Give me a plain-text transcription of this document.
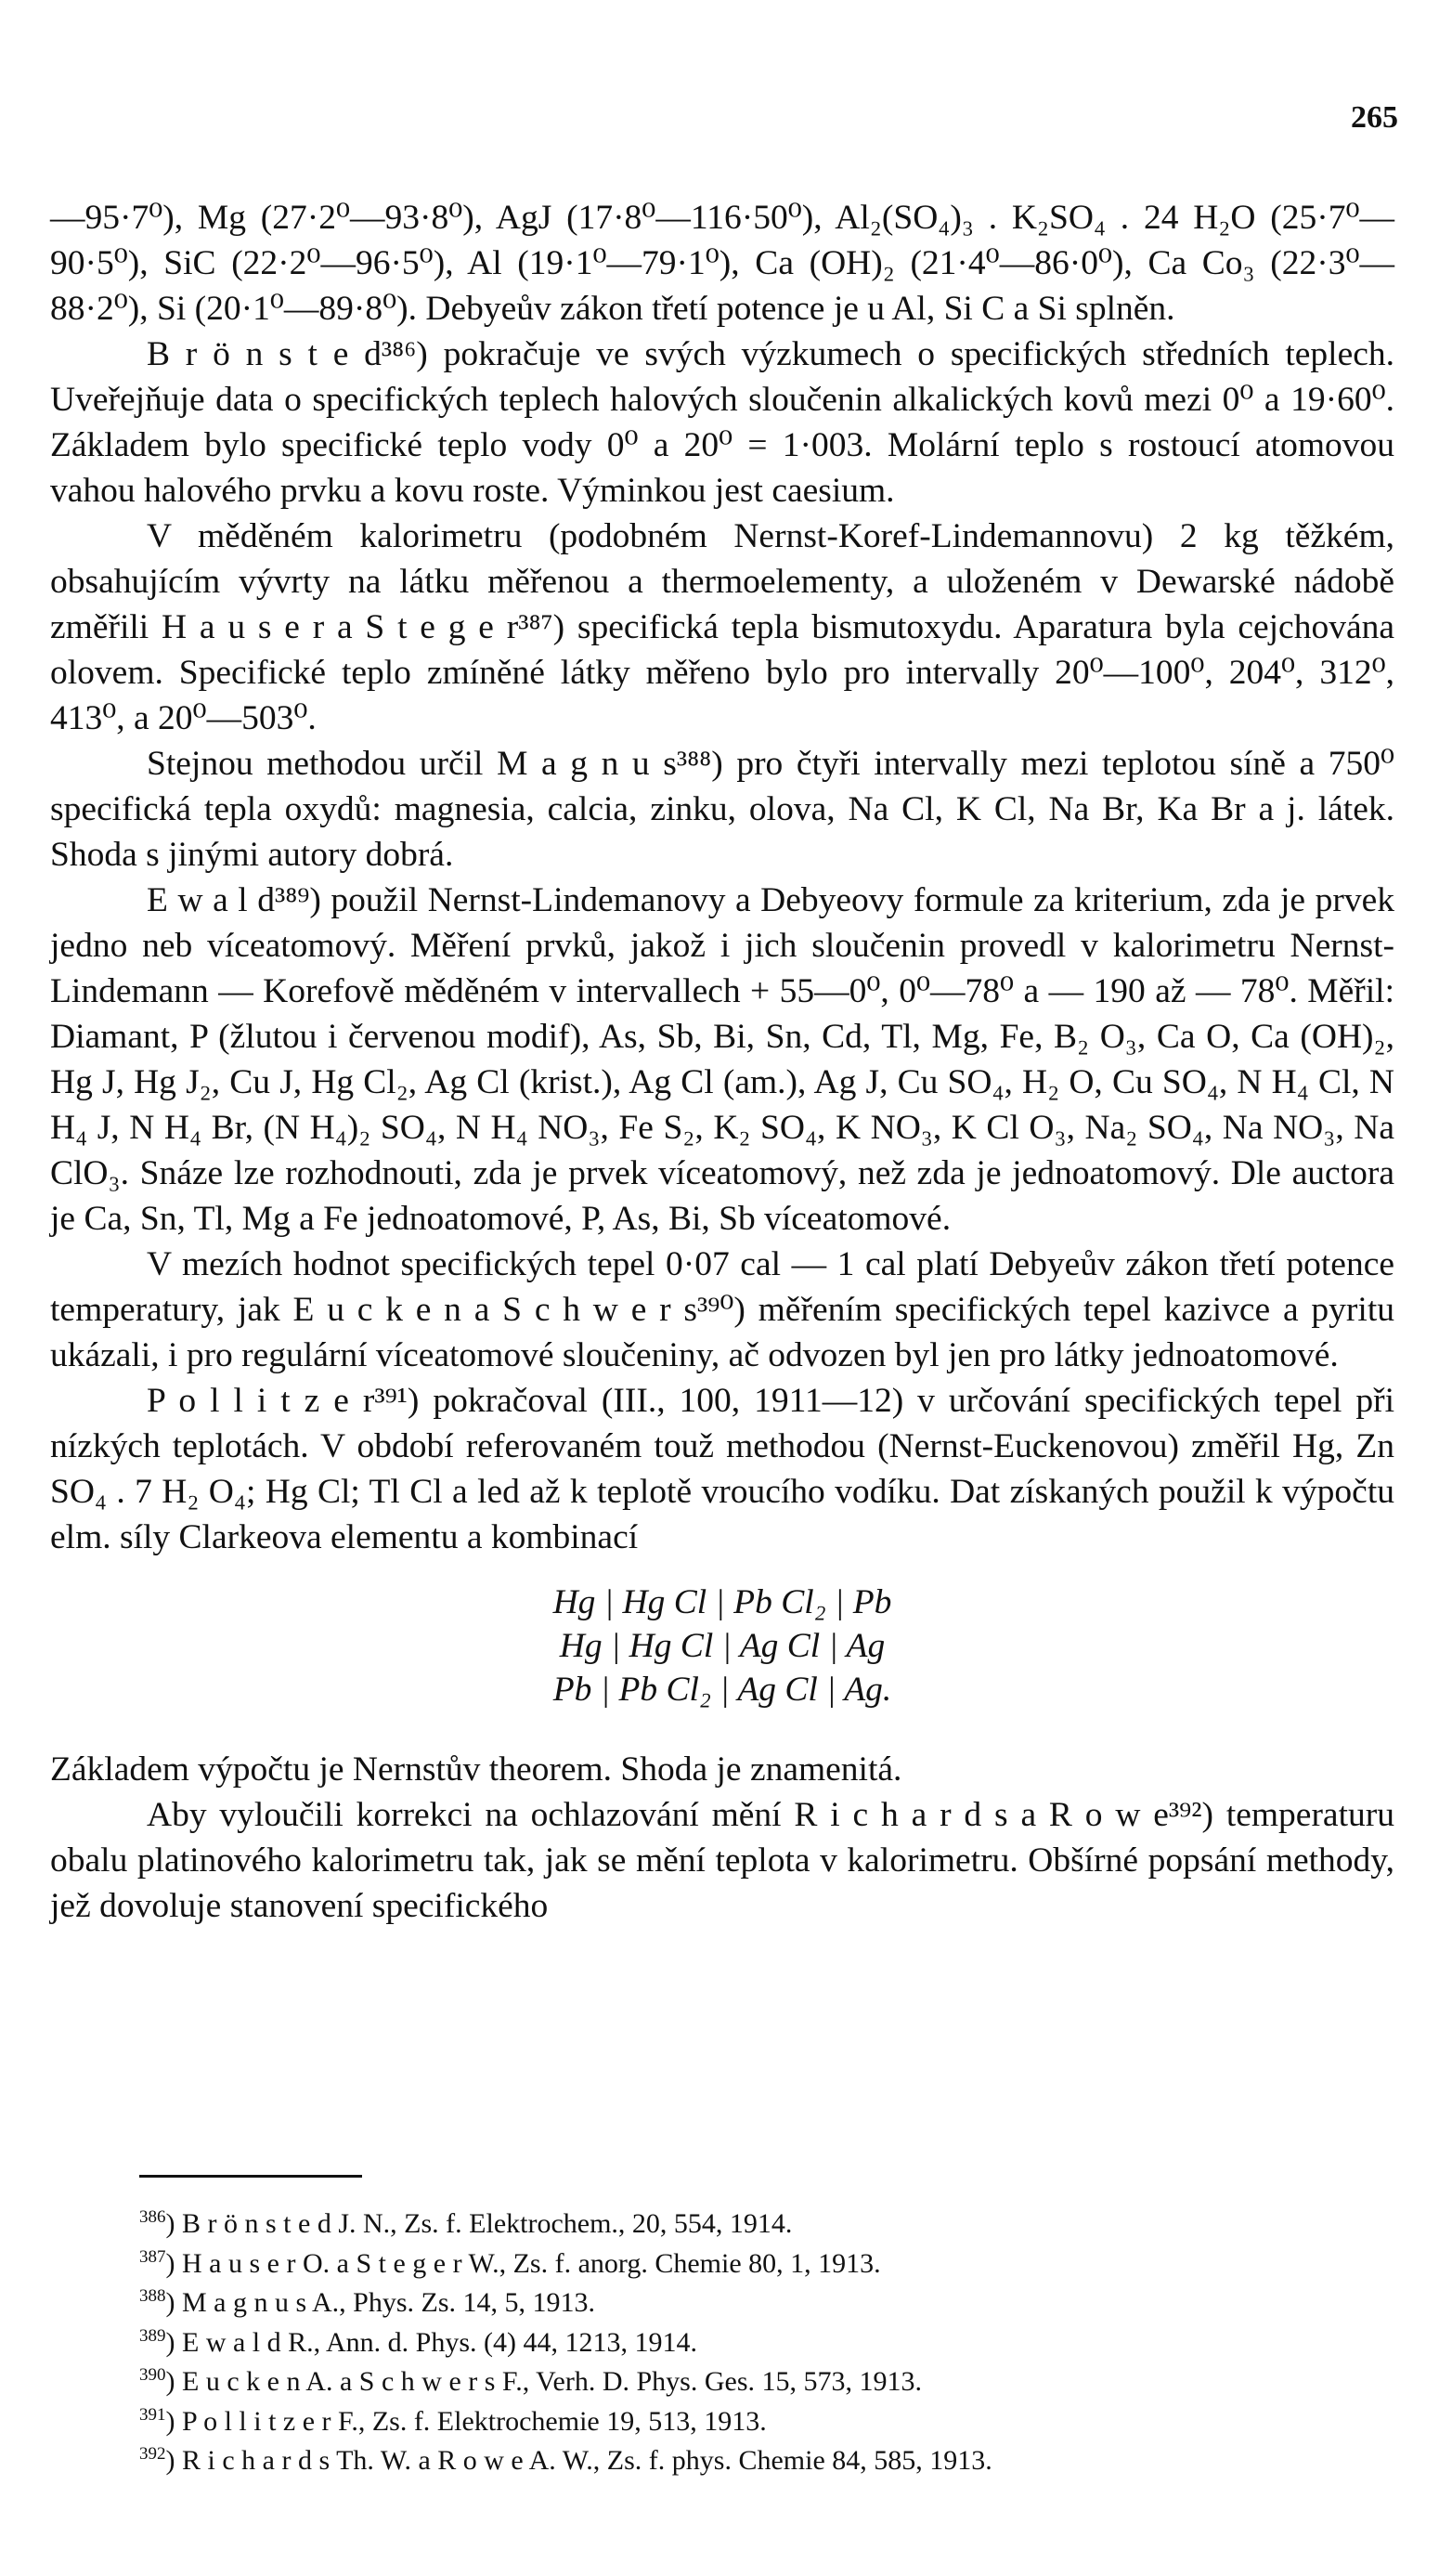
265

—95·7⁰), Mg (27·2⁰—93·8⁰), AgJ (17·8⁰—116·50⁰), Al₂(SO₄)₃ . K₂SO₄ . 24 H₂O (25·7⁰—90·5⁰), SiC (22·2⁰—96·5⁰), Al (19·1⁰—79·1⁰), Ca (OH)₂ (21·4⁰—86·0⁰), Ca Co₃ (22·3⁰—88·2⁰), Si (20·1⁰—89·8⁰). Debyeův zákon třetí potence je u Al, Si C a Si splněn.

B r ö n s t e d³⁸⁶) pokračuje ve svých výzkumech o specifických středních teplech. Uveřejňuje data o specifických teplech halových sloučenin alkalických kovů mezi 0⁰ a 19·60⁰. Základem bylo specifické teplo vody 0⁰ a 20⁰ = 1·003. Molární teplo s rostoucí atomovou vahou halového prvku a kovu roste. Výminkou jest caesium.

V měděném kalorimetru (podobném Nernst-Koref-Lindemannovu) 2 kg těžkém, obsahujícím vývrty na látku měřenou a thermoelementy, a uloženém v Dewarské nádobě změřili H a u s e r a S t e g e r³⁸⁷) specifická tepla bismutoxydu. Aparatura byla cejchována olovem. Specifické teplo zmíněné látky měřeno bylo pro intervally 20⁰—100⁰, 204⁰, 312⁰, 413⁰, a 20⁰—503⁰.

Stejnou methodou určil M a g n u s³⁸⁸) pro čtyři intervally mezi teplotou síně a 750⁰ specifická tepla oxydů: magnesia, calcia, zinku, olova, Na Cl, K Cl, Na Br, Ka Br a j. látek. Shoda s jinými autory dobrá.

E w a l d³⁸⁹) použil Nernst-Lindemanovy a Debyeovy formule za kriterium, zda je prvek jedno neb víceatomový. Měření prvků, jakož i jich sloučenin provedl v kalorimetru Nernst-Lindemann — Korefově měděném v intervallech + 55—0⁰, 0⁰—78⁰ a — 190 až — 78⁰. Měřil: Diamant, P (žlutou i červenou modif), As, Sb, Bi, Sn, Cd, Tl, Mg, Fe, B₂ O₃, Ca O, Ca (OH)₂, Hg J, Hg J₂, Cu J, Hg Cl₂, Ag Cl (krist.), Ag Cl (am.), Ag J, Cu SO₄, H₂ O, Cu SO₄, N H₄ Cl, N H₄ J, N H₄ Br, (N H₄)₂ SO₄, N H₄ NO₃, Fe S₂, K₂ SO₄, K NO₃, K Cl O₃, Na₂ SO₄, Na NO₃, Na ClO₃. Snáze lze rozhodnouti, zda je prvek víceatomový, než zda je jednoatomový. Dle auctora je Ca, Sn, Tl, Mg a Fe jednoatomové, P, As, Bi, Sb víceatomové.

V mezích hodnot specifických tepel 0·07 cal — 1 cal platí Debyeův zákon třetí potence temperatury, jak E u c k e n a S c h w e r s³⁹⁰) měřením specifických tepel kazivce a pyritu ukázali, i pro regulární víceatomové sloučeniny, ač odvozen byl jen pro látky jednoatomové.

P o l l i t z e r³⁹¹) pokračoval (III., 100, 1911—12) v určování specifických tepel při nízkých teplotách. V období referovaném touž methodou (Nernst-Euckenovou) změřil Hg, Zn SO₄ . 7 H₂ O₄; Hg Cl; Tl Cl a led až k teplotě vroucího vodíku. Dat získaných použil k výpočtu elm. síly Clarkeova elementu a kombinací

Hg | Hg Cl | Pb Cl₂ | Pb
Hg | Hg Cl | Ag Cl | Ag
Pb | Pb Cl₂ | Ag Cl | Ag.

Základem výpočtu je Nernstův theorem. Shoda je znamenitá.

Aby vyloučili korrekci na ochlazování mění R i c h a r d s a R o w e³⁹²) temperaturu obalu platinového kalorimetru tak, jak se mění teplota v kalorimetru. Obšírné popsání methody, jež dovoluje stanovení specifického

$^{386}$) B r ö n s t e d J. N., Zs. f. Elektrochem., 20, 554, 1914.
$^{387}$) H a u s e r O. a S t e g e r W., Zs. f. anorg. Chemie 80, 1, 1913.
$^{388}$) M a g n u s A., Phys. Zs. 14, 5, 1913.
$^{389}$) E w a l d R., Ann. d. Phys. (4) 44, 1213, 1914.
$^{390}$) E u c k e n A. a S c h w e r s F., Verh. D. Phys. Ges. 15, 573, 1913.
$^{391}$) P o l l i t z e r F., Zs. f. Elektrochemie 19, 513, 1913.
$^{392}$) R i c h a r d s Th. W. a R o w e A. W., Zs. f. phys. Chemie 84, 585, 1913.
